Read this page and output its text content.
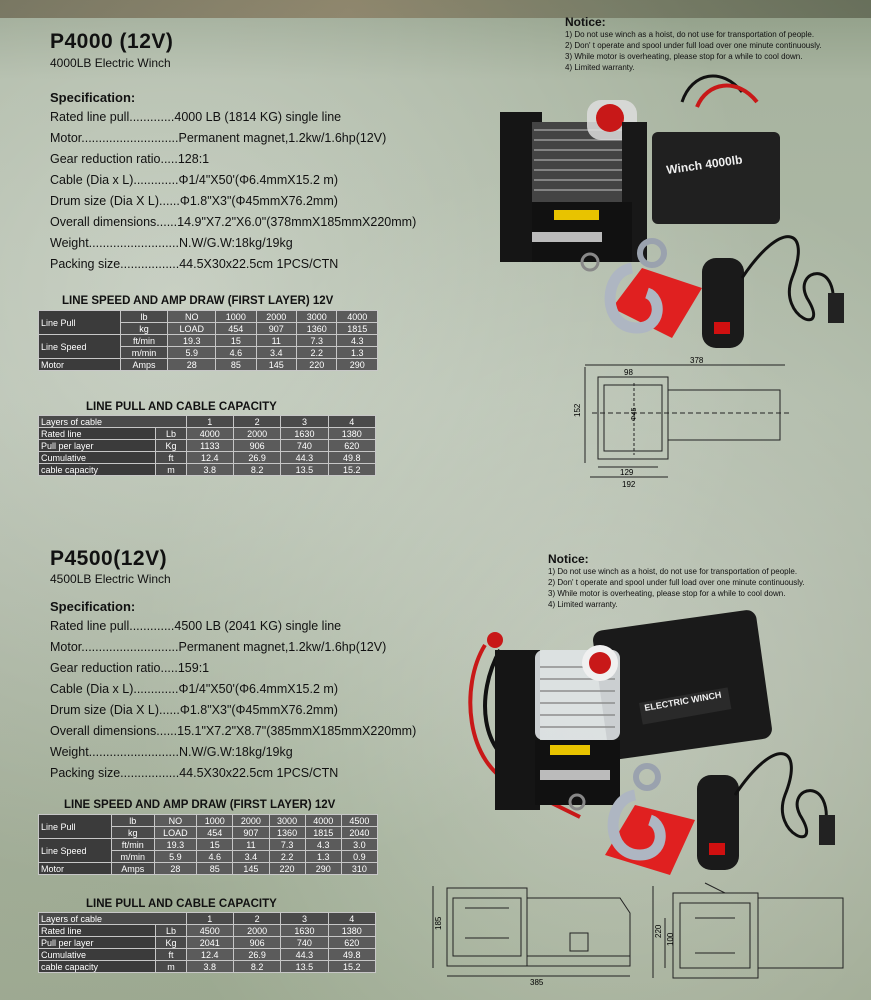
P4000 (12V)
4000LB Electric Winch
Specification:
Rated line pull.............4000 LB (1814 KG) single line
Motor............................Permanent magnet,1.2kw/1.6hp(12V)
Gear reduction ratio.....128:1
Cable (Dia x L).............Φ1/4"X50'(Φ6.4mmX15.2 m)
Drum size (Dia X L)......Φ1.8"X3"(Φ45mmX76.2mm)
Overall dimensions......14.9"X7.2"X6.0"(378mmX185mmX220mm)
Weight..........................N.W/G.W:18kg/19kg
Packing size.................44.5X30x22.5cm 1PCS/CTN
Notice:
1) Do not use winch as a hoist, do not use for transportation of people.
2) Don' t operate and spool under full load over one minute continuously.
3) While motor is overheating, please stop for a while to cool down.
4) Limited warranty.
LINE SPEED AND AMP DRAW (FIRST LAYER) 12V
Line Pull	lb	NO	1000	2000	3000	4000
	kg	LOAD	454	907	1360	1815
Line Speed	ft/min	19.3	15	11	7.3	4.3
	m/min	5.9	4.6	3.4	2.2	1.3
Motor	Amps	28	85	145	220	290
LINE PULL AND CABLE CAPACITY
Layers of cable		1	2	3	4
Rated line	Lb	4000	2000	1630	1380
Pull per layer	Kg	1133	906	740	620
Cumulative	ft	12.4	26.9	44.3	49.8
cable capacity	m	3.8	8.2	13.5	15.2
Winch 4000lb
378
98
152	Φ45
129
192
P4500(12V)
4500LB Electric Winch
Specification:
Rated line pull.............4500 LB (2041 KG) single line
Motor............................Permanent magnet,1.2kw/1.6hp(12V)
Gear reduction ratio.....159:1
Cable (Dia x L).............Φ1/4"X50'(Φ6.4mmX15.2 m)
Drum size (Dia X L)......Φ1.8"X3"(Φ45mmX76.2mm)
Overall dimensions......15.1"X7.2"X8.7"(385mmX185mmX220mm)
Weight..........................N.W/G.W:18kg/19kg
Packing size.................44.5X30x22.5cm 1PCS/CTN
Notice:
1) Do not use winch as a hoist, do not use for transportation of people.
2) Don' t operate and spool under full load over one minute continuously.
3) While motor is overheating, please stop for a while to cool down.
4) Limited warranty.
LINE SPEED AND AMP DRAW (FIRST LAYER) 12V
Line Pull	lb	NO	1000	2000	3000	4000	4500
	kg	LOAD	454	907	1360	1815	2040
Line Speed	ft/min	19.3	15	11	7.3	4.3	3.0
	m/min	5.9	4.6	3.4	2.2	1.3	0.9
Motor	Amps	28	85	145	220	290	310
LINE PULL AND CABLE CAPACITY
Layers of cable		1	2	3	4
Rated line	Lb	4500	2000	1630	1380
Pull per layer	Kg	2041	906	740	620
Cumulative	ft	12.4	26.9	44.3	49.8
cable capacity	m	3.8	8.2	13.5	15.2
ELECTRIC WINCH
185
385
220
100
